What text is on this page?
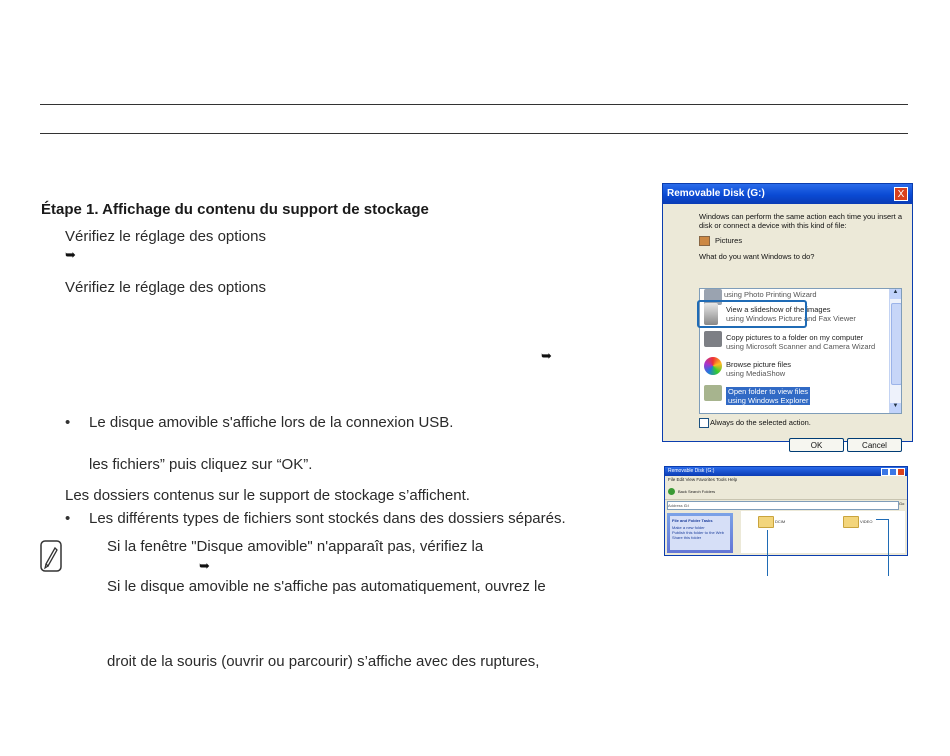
Étape 1. Affichage du contenu du support de stockage
Vérifiez le réglage des options
➥
Vérifiez le réglage des options
➥
• Le disque amovible s'affiche lors de la connexion USB.
les fichiers” puis cliquez sur “OK”.
Les dossiers contenus sur le support de stockage s’affichent.
• Les différents types de fichiers sont stockés dans des dossiers séparés.
Si la fenêtre "Disque amovible" n'apparaît pas, vérifiez la
➥
Si le disque amovible ne s'affiche pas automatiquement, ouvrez le
droit de la souris (ouvrir ou parcourir) s’affiche avec des ruptures,
Removable Disk (G:)	X
Windows can perform the same action each time you insert a disk or connect a device with this kind of file:
Pictures
What do you want Windows to do?
using Photo Printing Wizard
View a slideshow of the images
using Windows Picture and Fax Viewer
Copy pictures to a folder on my computer
using Microsoft Scanner and Camera Wizard
Browse picture files
using MediaShow
Open folder to view files
using Windows Explorer
▲
▼
Always do the selected action.
OK	Cancel
Removable Disk (G:)
File Edit View Favorites Tools Help
Back Search Folders
Address G:\	Go
File and Folder Tasks
Make a new folder
Publish this folder to the Web
Share this folder
DCIM	VIDEO
